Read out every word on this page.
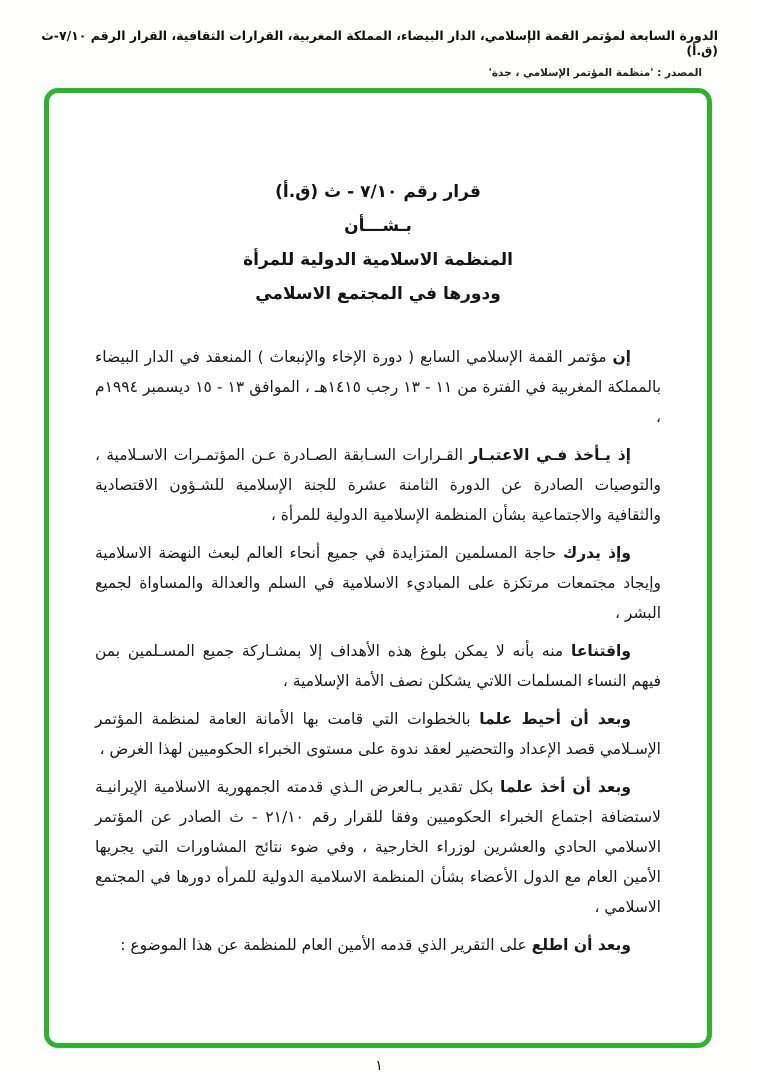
الدورة السابعة لمؤتمر القمة الإسلامي، الدار البيضاء، المملكة المغربية، القرارات الثقافية، القرار الرقم ٧/١٠-ث (ق.أ)
المصدر : 'منظمة المؤتمر الإسلامي ، جدة'
قرار رقم ٧/١٠ - ث (ق.أ)
بـشـــأن
المنظمة الاسلامية الدولية للمرأة
ودورها في المجتمع الاسلامي

إن مؤتمر القمة الإسلامي السابع ( دورة الإخاء والإنبعاث ) المنعقد في الدار البيضاء بالمملكة المغربية في الفترة من ١١ - ١٣ رجب ١٤١٥هـ ، الموافق ١٣ - ١٥ ديسمبر ١٩٩٤م ،

إذ يـأخذ فـي الاعتبـار القـرارات السـابقة الصـادرة عـن المؤتمـرات الاسـلامية ، والتوصيات الصادرة عن الدورة الثامنة عشرة للجنة الإسلامية للشـؤون الاقتصادية والثقافية والاجتماعية بشأن المنظمة الإسلامية الدولية للمرأة ،

وإذ يدرك حاجة المسلمين المتزايدة في جميع أنحاء العالم لبعث النهضة الاسلامية وإيجاد مجتمعات مرتكزة على المباديء الاسلامية في السلم والعدالة والمساواة لجميع البشر ،

واقتناعا منه بأنه لا يمكن بلوغ هذه الأهداف إلا بمشـاركة جميع المسـلمين بمن فيهم النساء المسلمات اللاتي يشكلن نصف الأمة الإسلامية ،

وبعد أن أحيط علما بالخطوات التي قامت بها الأمانة العامة لمنظمة المؤتمر الإسـلامي قصد الإعداد والتحضير لعقد ندوة على مستوى الخبراء الحكوميين لهذا الغرض ،

وبعد أن أخذ علما بكل تقدير بـالعرض الـذي قدمته الجمهورية الاسلامية الإيرانيـة لاستضافة اجتماع الخبراء الحكوميين وفقا للقرار رقم ٢١/١٠ - ث الصادر عن المؤتمر الاسلامي الحادي والعشرين لوزراء الخارجية ، وفي ضوء نتائج المشاورات التي يجريها الأمين العام مع الدول الأعضاء بشأن المنظمة الاسلامية الدولية للمرأه دورها في المجتمع الاسلامي ،

وبعد أن اطلع على التقرير الذي قدمه الأمين العام للمنظمة عن هذا الموضوع :

١
